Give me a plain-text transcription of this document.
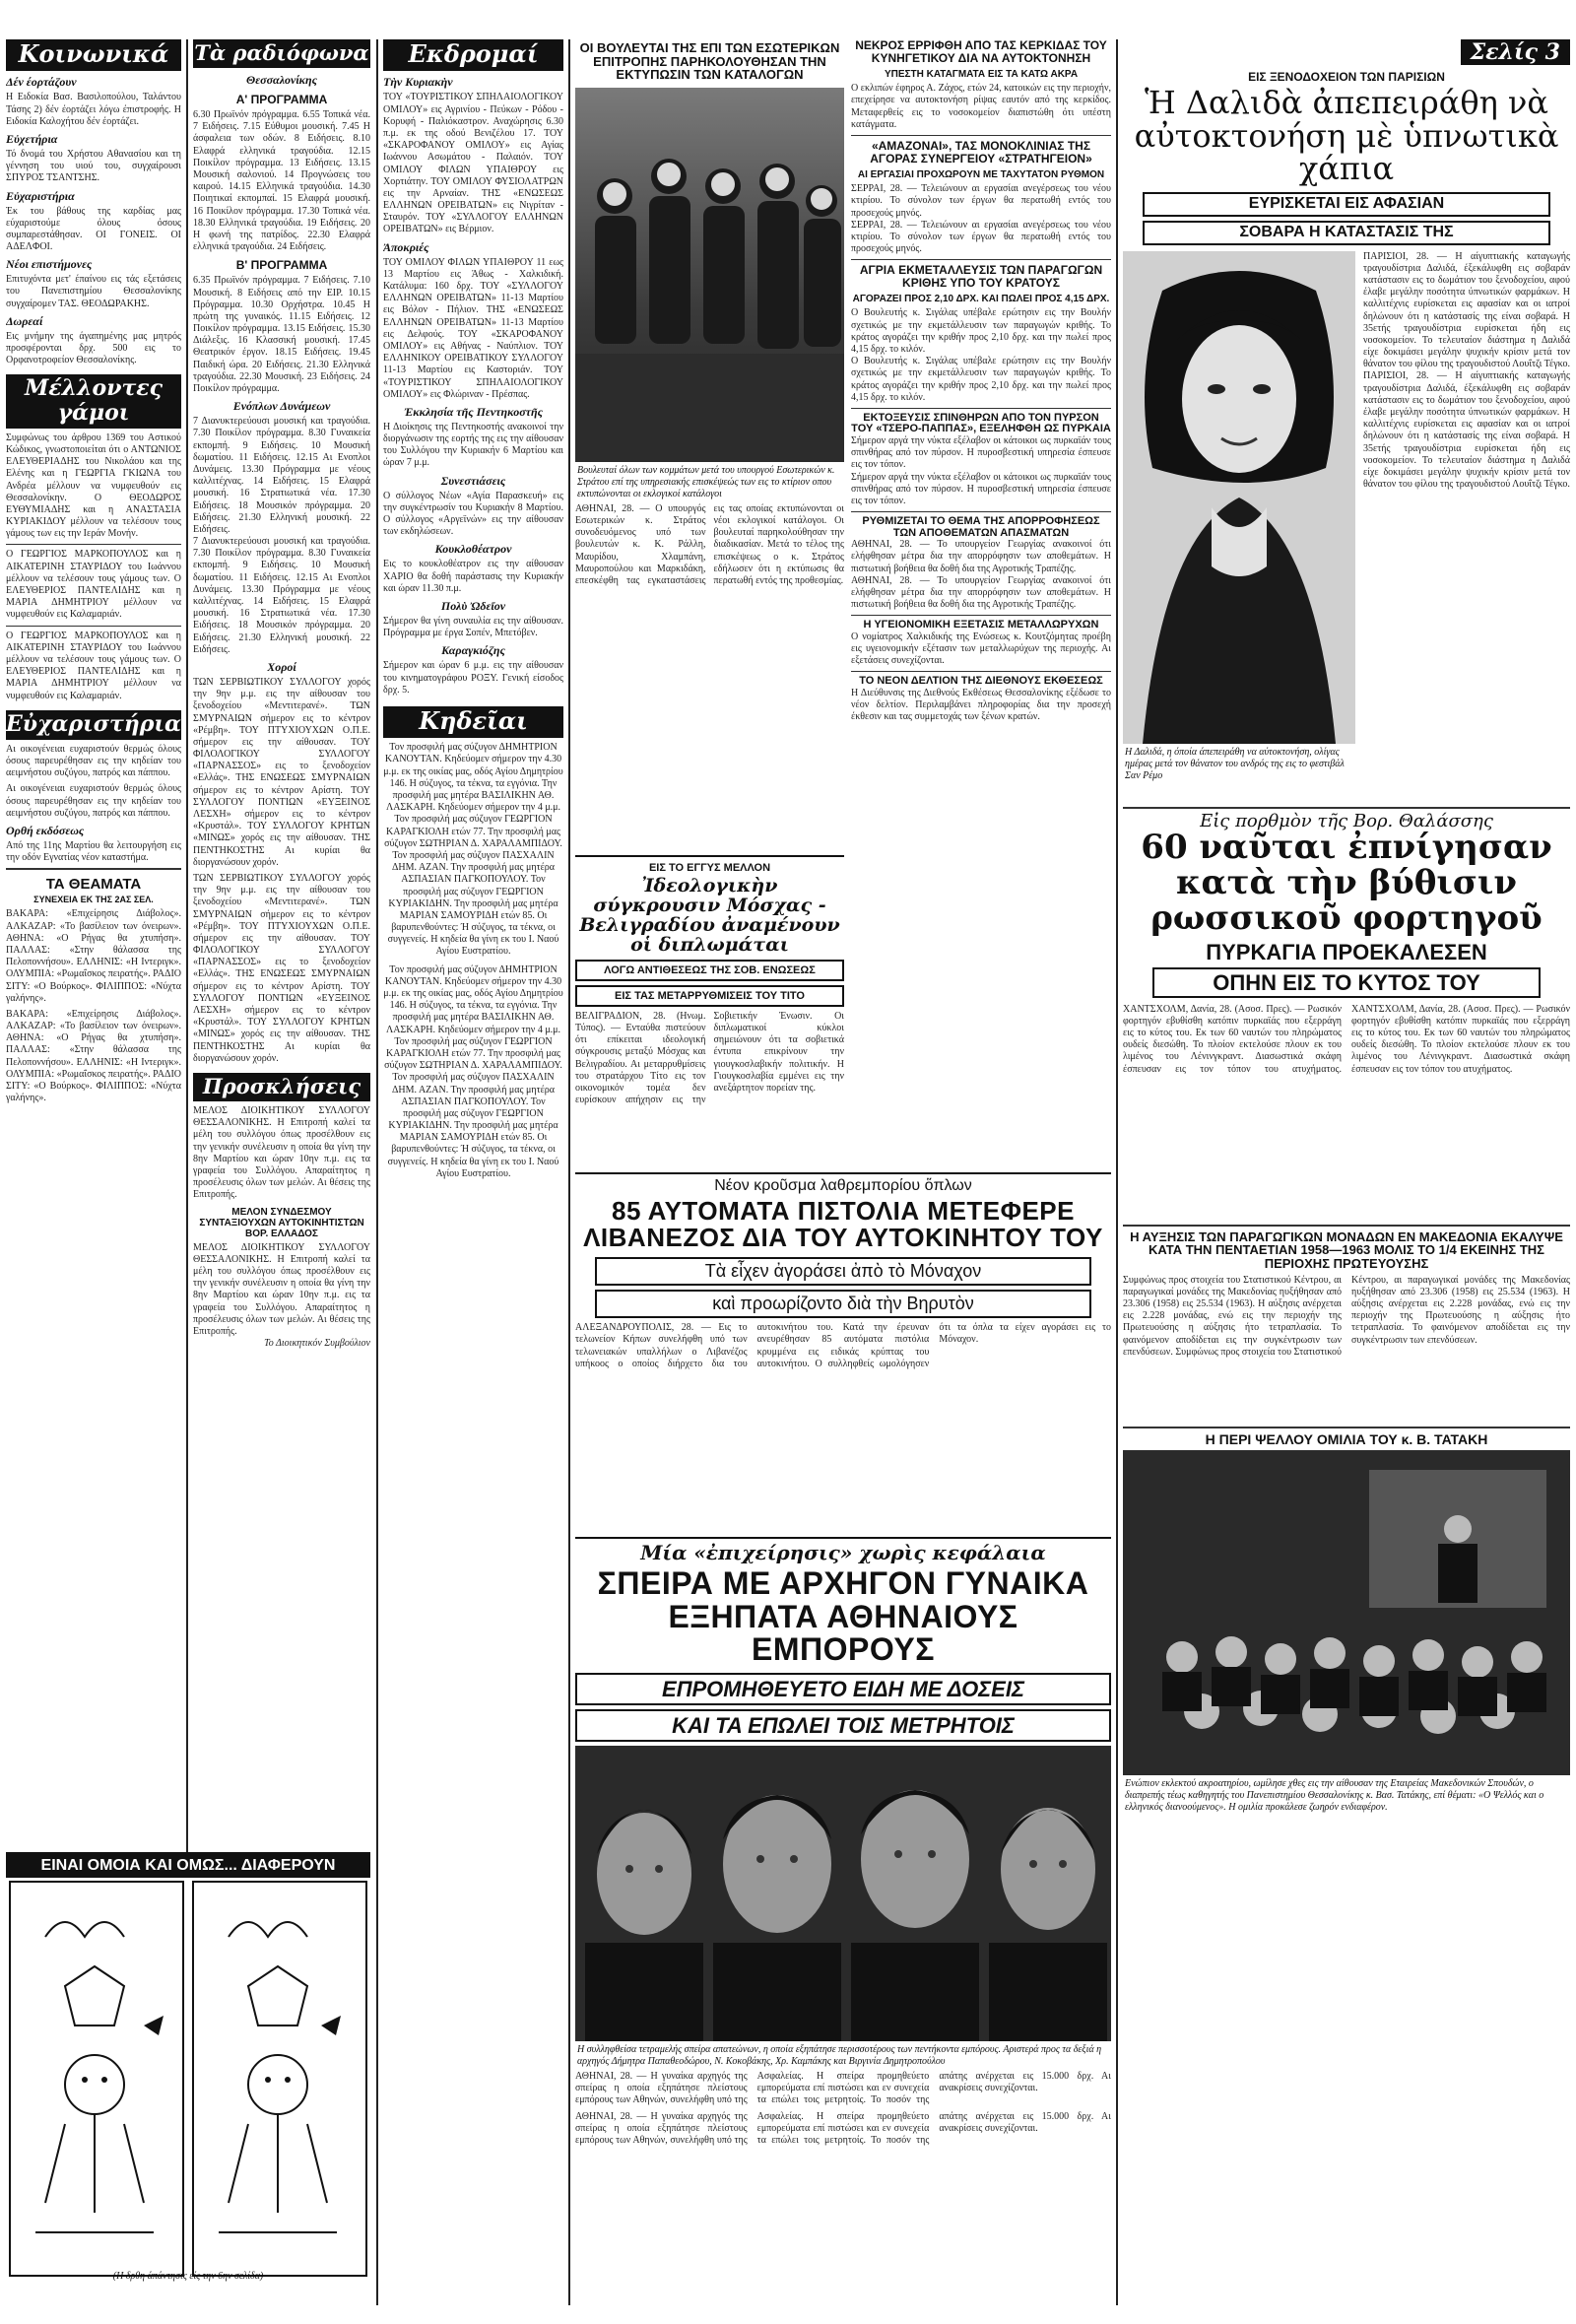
Κοινωνικά
Δέν έορτάζουν
Η Ειδοκία Βασ. Βασιλοπούλου, Ταλάντου Τάσης 2) δέν έορτάζει λόγω έπιστροφής. Η Ειδοκία Καλοχήτου δέν έορτάζει.
Εὐχετήρια
Τό δνομά του Χρήστου Αθανασίου και τη γέννηση του υιού του, συγχαίρουσι ΣΠΥΡΟΣ ΤΣΑΝΤΣΗΣ.
Εὐχαριστήρια
Έκ του βάθους της καρδίας μας εύχαριστούμε όλους όσους συμπαρεστάθησαν. ΟΙ ΓΟΝΕΙΣ. ΟΙ ΑΔΕΛΦΟΙ.
Νέοι επιστήμονες
Επιτυχόντα μετ' έπαίνου εις τάς εξετάσεις του Πανεπιστημίου Θεσσαλονίκης συγχαίρομεν ΤΑΣ. ΘΕΟΔΩΡΑΚΗΣ.
Δωρεαί
Εις μνήμην της άγαπημένης μας μητρός προσφέρονται δρχ. 500 εις το Ορφανοτροφείον Θεσσαλονίκης.
Μέλλοντες γάμοι
Συμφώνως του άρθρου 1369 του Αστικού Κώδικος, γνωστοποιείται ότι ο ΑΝΤΩΝΙΟΣ ΕΛΕΥΘΕΡΙΑΔΗΣ του Νικολάου και της Ελένης και η ΓΕΩΡΓΙΑ ΓΚΙΩΝΑ του Ανδρέα μέλλουν να νυμφευθούν εις Θεσσαλονίκην. Ο ΘΕΟΔΩΡΟΣ ΕΥΘΥΜΙΑΔΗΣ και η ΑΝΑΣΤΑΣΙΑ ΚΥΡΙΑΚΙΔΟΥ μέλλουν να τελέσουν τους γάμους των εις την Ιεράν Μονήν.
Ο ΓΕΩΡΓΙΟΣ ΜΑΡΚΟΠΟΥΛΟΣ και η ΑΙΚΑΤΕΡΙΝΗ ΣΤΑΥΡΙΔΟΥ του Ιωάννου μέλλουν να τελέσουν τους γάμους των. Ο ΕΛΕΥΘΕΡΙΟΣ ΠΑΝΤΕΛΙΔΗΣ και η ΜΑΡΙΑ ΔΗΜΗΤΡΙΟΥ μέλλουν να νυμφευθούν εις Καλαμαριάν.
Ο ΓΕΩΡΓΙΟΣ ΜΑΡΚΟΠΟΥΛΟΣ και η ΑΙΚΑΤΕΡΙΝΗ ΣΤΑΥΡΙΔΟΥ του Ιωάννου μέλλουν να τελέσουν τους γάμους των. Ο ΕΛΕΥΘΕΡΙΟΣ ΠΑΝΤΕΛΙΔΗΣ και η ΜΑΡΙΑ ΔΗΜΗΤΡΙΟΥ μέλλουν να νυμφευθούν εις Καλαμαριάν.
Εὐχαριστήρια
Αι οικογένειαι ευχαριστούν θερμώς όλους όσους παρευρέθησαν εις την κηδείαν του αειμνήστου συζύγου, πατρός και πάππου.
Αι οικογένειαι ευχαριστούν θερμώς όλους όσους παρευρέθησαν εις την κηδείαν του αειμνήστου συζύγου, πατρός και πάππου.
Ορθή εκδόσεως
Από της 11ης Μαρτίου θα λειτουργήση εις την οδόν Εγνατίας νέον καταστήμα.
ΤΑ ΘΕΑΜΑΤΑ
ΣΥΝΕΧΕΙΑ ΕΚ ΤΗΣ 2ΑΣ ΣΕΛ.
ΒΑΚΑΡΑ: «Επιχείρησις Διάβολος». ΑΛΚΑΖΑΡ: «Το βασίλειον των όνειρων». ΑΘΗΝΑ: «Ο Ρήγας θα χτυπήση». ΠΑΛΛΑΣ: «Στην θάλασσα της Πελοποννήσου». ΕΛΛΗΝΙΣ: «Η Ιντεριγκ». ΟΛΥΜΠΙΑ: «Ρωμαΐσκος πειρατής». ΡΑΔΙΟ ΣΙΤΥ: «Ο Βούρκος». ΦΙΛΙΠΠΟΣ: «Νύχτα γαλήνης».
ΒΑΚΑΡΑ: «Επιχείρησις Διάβολος». ΑΛΚΑΖΑΡ: «Το βασίλειον των όνειρων». ΑΘΗΝΑ: «Ο Ρήγας θα χτυπήση». ΠΑΛΛΑΣ: «Στην θάλασσα της Πελοποννήσου». ΕΛΛΗΝΙΣ: «Η Ιντεριγκ». ΟΛΥΜΠΙΑ: «Ρωμαΐσκος πειρατής». ΡΑΔΙΟ ΣΙΤΥ: «Ο Βούρκος». ΦΙΛΙΠΠΟΣ: «Νύχτα γαλήνης».
ΕΙΝΑΙ ΟΜΟΙΑ ΚΑΙ ΟΜΩΣ... ΔΙΑΦΕΡΟΥΝ
(Η δρθη άπάντησις είς την 6ην σελίδα)
Τὰ ραδιόφωνα
Θεσσαλονίκης
Α' ΠΡΟΓΡΑΜΜΑ
6.30 Πρωϊνόν πρόγραμμα. 6.55 Τοπικά νέα. 7 Ειδήσεις. 7.15 Εύθυμοι μουσική. 7.45 Η άσφαλεια των οδών. 8 Ειδήσεις. 8.10 Ελαφρά ελληνικά τραγούδια. 12.15 Ποικίλον πρόγραμμα. 13 Ειδήσεις. 13.15 Μουσική σαλονιού. 14 Προγνώσεις του καιρού. 14.15 Ελληνικά τραγούδια. 14.30 Ποιητικαί εκπομπαί. 15 Ελαφρά μουσική. 16 Ποικίλον πρόγραμμα. 17.30 Τοπικά νέα. 18.30 Ελληνικά τραγούδια. 19 Ειδήσεις. 20 Η φωνή της πατρίδος. 22.30 Ελαφρά ελληνικά τραγούδια. 24 Ειδήσεις.
Β' ΠΡΟΓΡΑΜΜΑ
6.35 Πρωϊνόν πρόγραμμα. 7 Ειδήσεις. 7.10 Μουσική. 8 Ειδήσεις από την ΕΙΡ. 10.15 Πρόγραμμα. 10.30 Ορχήστρα. 10.45 Η πρώτη της γυναικός. 11.15 Ειδήσεις. 12 Ποικίλον πρόγραμμα. 13.15 Ειδήσεις. 15.30 Διάλεξις. 16 Κλασσική μουσική. 17.45 Θεατρικόν έργον. 18.15 Ειδήσεις. 19.45 Παιδική ώρα. 20 Ειδήσεις. 21.30 Ελληνικά τραγούδια. 22.30 Μουσική. 23 Ειδήσεις. 24 Ποικίλον πρόγραμμα.
Ενόπλων Δυνάμεων
7 Διανυκτερεύουσι μουσική και τραγούδια. 7.30 Ποικίλον πρόγραμμα. 8.30 Γυναικεία εκπομπή. 9 Ειδήσεις. 10 Μουσική δωματίου. 11 Ειδήσεις. 12.15 Αι Ενοπλοι Δυνάμεις. 13.30 Πρόγραμμα με νέους καλλιτέχνας. 14 Ειδήσεις. 15 Ελαφρά μουσική. 16 Στρατιωτικά νέα. 17.30 Ειδήσεις. 18 Μουσικόν πρόγραμμα. 20 Ειδήσεις. 21.30 Ελληνική μουσική. 22 Ειδήσεις.
7 Διανυκτερεύουσι μουσική και τραγούδια. 7.30 Ποικίλον πρόγραμμα. 8.30 Γυναικεία εκπομπή. 9 Ειδήσεις. 10 Μουσική δωματίου. 11 Ειδήσεις. 12.15 Αι Ενοπλοι Δυνάμεις. 13.30 Πρόγραμμα με νέους καλλιτέχνας. 14 Ειδήσεις. 15 Ελαφρά μουσική. 16 Στρατιωτικά νέα. 17.30 Ειδήσεις. 18 Μουσικόν πρόγραμμα. 20 Ειδήσεις. 21.30 Ελληνική μουσική. 22 Ειδήσεις.
Χοροί
ΤΩΝ ΣΕΡΒΙΩΤΙΚΟΥ ΣΥΛΛΟΓΟΥ χορός την 9ην μ.μ. εις την αίθουσαν του ξενοδοχείου «Μεντιτερανέ». ΤΩΝ ΣΜΥΡΝΑΙΩΝ σήμερον εις το κέντρον «Ρέμβη». ΤΟΥ ΠΤΥΧΙΟΥΧΩΝ Ο.Π.Ε. σήμερον εις την αίθουσαν. ΤΟΥ ΦΙΛΟΛΟΓΙΚΟΥ ΣΥΛΛΟΓΟΥ «ΠΑΡΝΑΣΣΟΣ» εις το ξενοδοχείον «Ελλάς». ΤΗΣ ΕΝΩΣΕΩΣ ΣΜΥΡΝΑΙΩΝ σήμερον εις το κέντρον Αρίστη. ΤΟΥ ΣΥΛΛΟΓΟΥ ΠΟΝΤΙΩΝ «ΕΥΞΕΙΝΟΣ ΛΕΣΧΗ» σήμερον εις το κέντρον «Κρυστάλ». ΤΟΥ ΣΥΛΛΟΓΟΥ ΚΡΗΤΩΝ «ΜΙΝΩΣ» χορός εις την αίθουσαν. ΤΗΣ ΠΕΝΤΗΚΟΣΤΗΣ Αι κυρίαι θα διοργανώσουν χορόν.
ΤΩΝ ΣΕΡΒΙΩΤΙΚΟΥ ΣΥΛΛΟΓΟΥ χορός την 9ην μ.μ. εις την αίθουσαν του ξενοδοχείου «Μεντιτερανέ». ΤΩΝ ΣΜΥΡΝΑΙΩΝ σήμερον εις το κέντρον «Ρέμβη». ΤΟΥ ΠΤΥΧΙΟΥΧΩΝ Ο.Π.Ε. σήμερον εις την αίθουσαν. ΤΟΥ ΦΙΛΟΛΟΓΙΚΟΥ ΣΥΛΛΟΓΟΥ «ΠΑΡΝΑΣΣΟΣ» εις το ξενοδοχείον «Ελλάς». ΤΗΣ ΕΝΩΣΕΩΣ ΣΜΥΡΝΑΙΩΝ σήμερον εις το κέντρον Αρίστη. ΤΟΥ ΣΥΛΛΟΓΟΥ ΠΟΝΤΙΩΝ «ΕΥΞΕΙΝΟΣ ΛΕΣΧΗ» σήμερον εις το κέντρον «Κρυστάλ». ΤΟΥ ΣΥΛΛΟΓΟΥ ΚΡΗΤΩΝ «ΜΙΝΩΣ» χορός εις την αίθουσαν. ΤΗΣ ΠΕΝΤΗΚΟΣΤΗΣ Αι κυρίαι θα διοργανώσουν χορόν.
Προσκλήσεις
ΜΕΛΟΣ ΔΙΟΙΚΗΤΙΚΟΥ ΣΥΛΛΟΓΟΥ ΘΕΣΣΑΛΟΝΙΚΗΣ. Η Επιτροπή καλεί τα μέλη του συλλόγου όπως προσέλθουν εις την γενικήν συνέλευσιν η οποία θα γίνη την 8ην Μαρτίου και ώραν 10ην π.μ. εις τα γραφεία του Συλλόγου. Απαραίτητος η προσέλευσις όλων των μελών. Αι θέσεις της Επιτροπής.
ΜΕΛΟΝ ΣΥΝΔΕΣΜΟΥ ΣΥΝΤΑΞΙΟΥΧΩΝ ΑΥΤΟΚΙΝΗΤΙΣΤΩΝ ΒΟΡ. ΕΛΛΑΔΟΣ
ΜΕΛΟΣ ΔΙΟΙΚΗΤΙΚΟΥ ΣΥΛΛΟΓΟΥ ΘΕΣΣΑΛΟΝΙΚΗΣ. Η Επιτροπή καλεί τα μέλη του συλλόγου όπως προσέλθουν εις την γενικήν συνέλευσιν η οποία θα γίνη την 8ην Μαρτίου και ώραν 10ην π.μ. εις τα γραφεία του Συλλόγου. Απαραίτητος η προσέλευσις όλων των μελών. Αι θέσεις της Επιτροπής.
Το Διοικητικόν Συμβούλιον
Εκδρομαί
Τὴν Κυριακὴν
ΤΟΥ «ΤΟΥΡΙΣΤΙΚΟΥ ΣΠΗΛΑΙΟΛΟΓΙΚΟΥ ΟΜΙΛΟΥ» εις Αγρινίου - Πεύκων - Ρόδου - Κορυφή - Παλιόκαστρον. Αναχώρησις 6.30 π.μ. εκ της οδού Βενιζέλου 17. ΤΟΥ «ΣΚΑΡΟΦΑΝΟΥ ΟΜΙΛΟΥ» εις Αγίας Ιωάννου Ασωμάτου - Παλαιόν. ΤΟΥ ΟΜΙΛΟΥ ΦΙΛΩΝ ΥΠΑΙΘΡΟΥ εις Χορτιάτην. ΤΟΥ ΟΜΙΛΟΥ ΦΥΣΙΟΛΑΤΡΩΝ εις την Αρναίαν. ΤΗΣ «ΕΝΩΣΕΩΣ ΕΛΛΗΝΩΝ ΟΡΕΙΒΑΤΩΝ» εις Νιγρίταν - Σταυρόν. ΤΟΥ «ΣΥΛΛΟΓΟΥ ΕΛΛΗΝΩΝ ΟΡΕΙΒΑΤΩΝ» εις Βέρμιον.
Ἀποκριές
ΤΟΥ ΟΜΙΛΟΥ ΦΙΛΩΝ ΥΠΑΙΘΡΟΥ 11 εως 13 Μαρτίου εις Άθως - Χαλκιδική. Κατάλυμα: 160 δρχ. ΤΟΥ «ΣΥΛΛΟΓΟΥ ΕΛΛΗΝΩΝ ΟΡΕΙΒΑΤΩΝ» 11-13 Μαρτίου εις Βόλον - Πήλιον. ΤΗΣ «ΕΝΩΣΕΩΣ ΕΛΛΗΝΩΝ ΟΡΕΙΒΑΤΩΝ» 11-13 Μαρτίου εις Δελφούς. ΤΟΥ «ΣΚΑΡΟΦΑΝΟΥ ΟΜΙΛΟΥ» εις Αθήνας - Ναύπλιον. ΤΟΥ ΕΛΛΗΝΙΚΟΥ ΟΡΕΙΒΑΤΙΚΟΥ ΣΥΛΛΟΓΟΥ 11-13 Μαρτίου εις Καστοριάν. ΤΟΥ «ΤΟΥΡΙΣΤΙΚΟΥ ΣΠΗΛΑΙΟΛΟΓΙΚΟΥ ΟΜΙΛΟΥ» εις Φλώριναν - Πρέσπας.
Ἐκκλησία τῆς Πεντηκοστῆς
Η Διοίκησις της Πεντηκοστής ανακοινοί την διοργάνωσιν της εορτής της εις την αίθουσαν του Συλλόγου την Κυριακήν 6 Μαρτίου και ώραν 7 μ.μ.
Συνεστιάσεις
Ο σύλλογος Νέων «Αγία Παρασκευή» εις την συγκέντρωσίν του Κυριακήν 8 Μαρτίου. Ο σύλλογος «Αργεϊνών» εις την αίθουσαν των εκδηλώσεων.
Κουκλοθέατρον
Εις το κουκλοθέατρον εις την αίθουσαν ΧΑΡΙΟ θα δοθή παράστασις την Κυριακήν και ώραν 11.30 π.μ.
Πολὺ Ὠδεῖον
Σήμερον θα γίνη συναυλία εις την αίθουσαν. Πρόγραμμα με έργα Σοπέν, Μπετόβεν.
Καραγκιόζης
Σήμερον και ώραν 6 μ.μ. εις την αίθουσαν του κινηματογράφου ΡΟΞΥ. Γενική είσοδος δρχ. 5.
Κηδεῖαι
Τον προσφιλή μας σύζυγον ΔΗΜΗΤΡΙΟΝ ΚΑΝΟΥΤΑΝ. Κηδεύομεν σήμερον την 4.30 μ.μ. εκ της οικίας μας, οδός Αγίου Δημητρίου 146. Η σύζυγος, τα τέκνα, τα εγγόνια. Την προσφιλή μας μητέρα ΒΑΣΙΛΙΚΗΝ ΑΘ. ΛΑΣΚΑΡΗ. Κηδεύομεν σήμερον την 4 μ.μ. Τον προσφιλή μας σύζυγον ΓΕΩΡΓΙΟΝ ΚΑΡΑΓΚΙΟΛΗ ετών 77. Την προσφιλή μας σύζυγον ΣΩΤΗΡΙΑΝ Δ. ΧΑΡΑΛΑΜΠΙΔΟΥ. Τον προσφιλή μας σύζυγον ΠΑΣΧΑΛΙΝ ΔΗΜ. ΑΖΑΝ. Την προσφιλή μας μητέρα ΑΣΠΑΣΙΑΝ ΠΑΓΚΟΠΟΥΛΟΥ. Τον προσφιλή μας σύζυγον ΓΕΩΡΓΙΟΝ ΚΥΡΙΑΚΙΔΗΝ. Την προσφιλή μας μητέρα ΜΑΡΙΑΝ ΣΑΜΟΥΡΙΔΗ ετών 85. Οι βαρυπενθούντες: Ή σύζυγος, τα τέκνα, οι συγγενείς. Η κηδεία θα γίνη εκ του Ι. Ναού Αγίου Ευστρατίου.
Τον προσφιλή μας σύζυγον ΔΗΜΗΤΡΙΟΝ ΚΑΝΟΥΤΑΝ. Κηδεύομεν σήμερον την 4.30 μ.μ. εκ της οικίας μας, οδός Αγίου Δημητρίου 146. Η σύζυγος, τα τέκνα, τα εγγόνια. Την προσφιλή μας μητέρα ΒΑΣΙΛΙΚΗΝ ΑΘ. ΛΑΣΚΑΡΗ. Κηδεύομεν σήμερον την 4 μ.μ. Τον προσφιλή μας σύζυγον ΓΕΩΡΓΙΟΝ ΚΑΡΑΓΚΙΟΛΗ ετών 77. Την προσφιλή μας σύζυγον ΣΩΤΗΡΙΑΝ Δ. ΧΑΡΑΛΑΜΠΙΔΟΥ. Τον προσφιλή μας σύζυγον ΠΑΣΧΑΛΙΝ ΔΗΜ. ΑΖΑΝ. Την προσφιλή μας μητέρα ΑΣΠΑΣΙΑΝ ΠΑΓΚΟΠΟΥΛΟΥ. Τον προσφιλή μας σύζυγον ΓΕΩΡΓΙΟΝ ΚΥΡΙΑΚΙΔΗΝ. Την προσφιλή μας μητέρα ΜΑΡΙΑΝ ΣΑΜΟΥΡΙΔΗ ετών 85. Οι βαρυπενθούντες: Ή σύζυγος, τα τέκνα, οι συγγενείς. Η κηδεία θα γίνη εκ του Ι. Ναού Αγίου Ευστρατίου.
ΟΙ ΒΟΥΛΕΥΤΑΙ ΤΗΣ ΕΠΙ ΤΩΝ ΕΣΩΤΕΡΙΚΩΝ ΕΠΙΤΡΟΠΗΣ ΠΑΡΗΚΟΛΟΥΘΗΣΑΝ ΤΗΝ ΕΚΤΥΠΩΣΙΝ ΤΩΝ ΚΑΤΑΛΟΓΩΝ
Βουλευταί όλων των κομμάτων μετά του υπουργού Εσωτερικών κ. Στράτου επί της υπηρεσιακής επισκέψεώς των εις το κτίριον οπου εκτυπώνονται οι εκλογικοί κατάλογοι
ΑΘΗΝΑΙ, 28. — Ο υπουργός Εσωτερικών κ. Στράτος συνοδευόμενος υπό των βουλευτών κ. Κ. Ράλλη, Μαυρίδου, Χλαμπάνη, Μαυροπούλου και Μαρκιδάκη, επεσκέφθη τας εγκαταστάσεις εις τας οποίας εκτυπώνονται οι νέοι εκλογικοί κατάλογοι. Οι βουλευταί παρηκολούθησαν την διαδικασίαν. Μετά το τέλος της επισκέψεως ο κ. Στράτος εδήλωσεν ότι η εκτύπωσις θα περατωθή εντός της προθεσμίας.
ΝΕΚΡΟΣ ΕΡΡΙΦΘΗ ΑΠΟ ΤΑΣ ΚΕΡΚΙΔΑΣ ΤΟΥ ΚΥΝΗΓΕΤΙΚΟΥ ΔΙΑ ΝΑ ΑΥΤΟΚΤΟΝΗΣΗ
ΥΠΕΣΤΗ ΚΑΤΑΓΜΑΤΑ ΕΙΣ ΤΑ ΚΑΤΩ ΑΚΡΑ
Ο εκλιπών έφηρος Α. Ζάχος, ετών 24, κατοικών εις την περιοχήν, επεχείρησε να αυτοκτονήση ρίψας εαυτόν από της κερκίδος. Μεταφερθείς εις το νοσοκομείον διαπιστώθη ότι υπέστη κατάγματα.
«ΑΜΑΖΟΝΑΙ», ΤΑΣ ΜΟΝΟΚΛΙΝΙΑΣ ΤΗΣ ΑΓΟΡΑΣ ΣΥΝΕΡΓΕΙΟΥ «ΣΤΡΑΤΗΓΕΙΟΝ»
ΑΙ ΕΡΓΑΣΙΑΙ ΠΡΟΧΩΡΟΥΝ ΜΕ ΤΑΧΥΤΑΤΟΝ ΡΥΘΜΟΝ
ΣΕΡΡΑΙ, 28. — Τελειώνουν αι εργασίαι ανεγέρσεως του νέου κτιρίου. Το σύνολον των έργων θα περατωθή εντός του προσεχούς μηνός.
ΣΕΡΡΑΙ, 28. — Τελειώνουν αι εργασίαι ανεγέρσεως του νέου κτιρίου. Το σύνολον των έργων θα περατωθή εντός του προσεχούς μηνός.
ΑΓΡΙΑ ΕΚΜΕΤΑΛΛΕΥΣΙΣ ΤΩΝ ΠΑΡΑΓΩΓΩΝ ΚΡΙΘΗΣ ΥΠΟ ΤΟΥ ΚΡΑΤΟΥΣ
ΑΓΟΡΑΖΕΙ ΠΡΟΣ 2,10 ΔΡΧ. ΚΑΙ ΠΩΛΕΙ ΠΡΟΣ 4,15 ΔΡΧ.
Ο Βουλευτής κ. Σιγάλας υπέβαλε ερώτησιν εις την Βουλήν σχετικώς με την εκμετάλλευσιν των παραγωγών κριθής. Το κράτος αγοράζει την κριθήν προς 2,10 δρχ. και την πωλεί προς 4,15 δρχ. το κιλόν.
Ο Βουλευτής κ. Σιγάλας υπέβαλε ερώτησιν εις την Βουλήν σχετικώς με την εκμετάλλευσιν των παραγωγών κριθής. Το κράτος αγοράζει την κριθήν προς 2,10 δρχ. και την πωλεί προς 4,15 δρχ. το κιλόν.
ΕΚΤΟΞΕΥΣΙΣ ΣΠΙΝΘΗΡΩΝ ΑΠΟ ΤΟΝ ΠΥΡΣΟΝ ΤΟΥ «ΤΣΕΡΟ-ΠΑΠΠΑΣ», ΕΞΕΛΗΦΘΗ ΩΣ ΠΥΡΚΑΙΑ
Σήμερον αργά την νύκτα εξέλαβον οι κάτοικοι ως πυρκαϊάν τους σπινθήρας από τον πύρσον. Η πυροσβεστική υπηρεσία έσπευσε εις τον τόπον.
Σήμερον αργά την νύκτα εξέλαβον οι κάτοικοι ως πυρκαϊάν τους σπινθήρας από τον πύρσον. Η πυροσβεστική υπηρεσία έσπευσε εις τον τόπον.
ΡΥΘΜΙΖΕΤΑΙ ΤΟ ΘΕΜΑ ΤΗΣ ΑΠΟΡΡΟΦΗΣΕΩΣ ΤΩΝ ΑΠΟΘΕΜΑΤΩΝ ΑΠΑΣΜΑΤΩΝ
ΑΘΗΝΑΙ, 28. — Το υπουργείον Γεωργίας ανακοινοί ότι ελήφθησαν μέτρα δια την απορρόφησιν των αποθεμάτων. Η πιστωτική βοήθεια θα δοθή δια της Αγροτικής Τραπέζης.
ΑΘΗΝΑΙ, 28. — Το υπουργείον Γεωργίας ανακοινοί ότι ελήφθησαν μέτρα δια την απορρόφησιν των αποθεμάτων. Η πιστωτική βοήθεια θα δοθή δια της Αγροτικής Τραπέζης.
Η ΥΓΕΙΟΝΟΜΙΚΗ ΕΞΕΤΑΣΙΣ ΜΕΤΑΛΛΩΡΥΧΩΝ
Ο νομίατρος Χαλκιδικής της Ενώσεως κ. Κουτζόμητας προέβη εις υγειονομικήν εξέτασιν των μεταλλωρύχων της περιοχής. Αι εξετάσεις συνεχίζονται.
ΤΟ ΝΕΟΝ ΔΕΛΤΙΟΝ ΤΗΣ ΔΙΕΘΝΟΥΣ ΕΚΘΕΣΕΩΣ
Η Διεύθυνσις της Διεθνούς Εκθέσεως Θεσσαλονίκης εξέδωσε το νέον δελτίον. Περιλαμβάνει πληροφορίας δια την προσεχή έκθεσιν και τας συμμετοχάς των ξένων κρατών.
ΕΙΣ ΤΟ ΕΓΓΥΣ ΜΕΛΛΟΝ
Ἰδεολογικὴν σύγκρουσιν Μόσχας - Βελιγραδίου ἀναμένουν οἱ διπλωμάται
ΛΟΓΩ ΑΝΤΙΘΕΣΕΩΣ ΤΗΣ ΣΟΒ. ΕΝΩΣΕΩΣ
ΕΙΣ ΤΑΣ ΜΕΤΑΡΡΥΘΜΙΣΕΙΣ ΤΟΥ ΤΙΤΟ
ΒΕΛΙΓΡΑΔΙΟΝ, 28. (Ηνωμ. Τύπος). — Ενταύθα πιστεύουν ότι επίκειται ιδεολογική σύγκρουσις μεταξύ Μόσχας και Βελιγραδίου. Αι μεταρρυθμίσεις του στρατάρχου Τίτο εις τον οικονομικόν τομέα δεν ευρίσκουν απήχησιν εις την Σοβιετικήν Ένωσιν. Οι διπλωματικοί κύκλοι σημειώνουν ότι τα σοβιετικά έντυπα επικρίνουν την γιουγκοσλαβικήν πολιτικήν. Η Γιουγκοσλαβία εμμένει εις την ανεξάρτητον πορείαν της.
Νέον κροῦσμα λαθρεμπορίου ὅπλων
85 ΑΥΤΟΜΑΤΑ ΠΙΣΤΟΛΙΑ ΜΕΤΕΦΕΡΕ ΛΙΒΑΝΕΖΟΣ ΔΙΑ ΤΟΥ ΑΥΤΟΚΙΝΗΤΟΥ ΤΟΥ
Τὰ εἶχεν ἀγοράσει ἀπὸ τὸ Μόναχον
καὶ προωρίζοντο διὰ τὴν Βηρυτὸν
ΑΛΕΞΑΝΔΡΟΥΠΟΛΙΣ, 28. — Εις το τελωνείον Κήπων συνελήφθη υπό των τελωνειακών υπαλλήλων ο Λιβανέζος υπήκοος ο οποίος διήρχετο δια του αυτοκινήτου του. Κατά την έρευναν ανευρέθησαν 85 αυτόματα πιστόλια κρυμμένα εις ειδικάς κρύπτας του αυτοκινήτου. Ο συλληφθείς ωμολόγησεν ότι τα όπλα τα είχεν αγοράσει εις το Μόναχον.
Μία «ἐπιχείρησις» χωρὶς κεφάλαια
ΣΠΕΙΡΑ ΜΕ ΑΡΧΗΓΟΝ ΓΥΝΑΙΚΑ ΕΞΗΠΑΤΑ ΑΘΗΝΑΙΟΥΣ ΕΜΠΟΡΟΥΣ
ΕΠΡΟΜΗΘΕΥΕΤΟ ΕΙΔΗ ΜΕ ΔΟΣΕΙΣ
ΚΑΙ ΤΑ ΕΠΩΛΕΙ ΤΟΙΣ ΜΕΤΡΗΤΟΙΣ
Η συλληφθείσα τετραμελής σπείρα απατεώνων, η οποία εξηπάτησε περισσοτέρους των πεντήκοντα εμπόρους. Αριστερά προς τα δεξιά η αρχηγός Δήμητρα Παπαθεοδώρου, Ν. Κοκοβάκης, Χρ. Καμπάκης και Βιργινία Δημητροπούλου
ΑΘΗΝΑΙ, 28. — Η γυναίκα αρχηγός της σπείρας η οποία εξηπάτησε πλείστους εμπόρους των Αθηνών, συνελήφθη υπό της Ασφαλείας. Η σπείρα προμηθεύετο εμπορεύματα επί πιστώσει και εν συνεχεία τα επώλει τοις μετρητοίς. Το ποσόν της απάτης ανέρχεται εις 15.000 δρχ. Αι ανακρίσεις συνεχίζονται.
ΑΘΗΝΑΙ, 28. — Η γυναίκα αρχηγός της σπείρας η οποία εξηπάτησε πλείστους εμπόρους των Αθηνών, συνελήφθη υπό της Ασφαλείας. Η σπείρα προμηθεύετο εμπορεύματα επί πιστώσει και εν συνεχεία τα επώλει τοις μετρητοίς. Το ποσόν της απάτης ανέρχεται εις 15.000 δρχ. Αι ανακρίσεις συνεχίζονται.
Σελίς 3
ΕΙΣ ΞΕΝΟΔΟΧΕΙΟΝ ΤΩΝ ΠΑΡΙΣΙΩΝ
Ἡ Δαλιδὰ ἀπεπειράθη νὰ αὐτοκτονήση μὲ ὑπνωτικὰ χάπια
ΕΥΡΙΣΚΕΤΑΙ ΕΙΣ ΑΦΑΣΙΑΝ
ΣΟΒΑΡΑ Η ΚΑΤΑΣΤΑΣΙΣ ΤΗΣ
Η Δαλιδά, η όποία άπεπειράθη να αύτοκτονήση, ολίγας ημέρας μετά τον θάνατον του ανδρός της εις το φεστιβάλ Σαν Ρέμο
ΠΑΡΙΣΙΟΙ, 28. — Η αίγυπτιακής καταγωγής τραγουδίστρια Δαλιδά, έξεκάλυφθη εις σοβαράν κατάστασιν εις το δωμάτιον του ξενοδοχείου, αφού έλαβε μεγάλην ποσότητα ύπνωτικών φαρμάκων. Η καλλιτέχνις ευρίσκεται εις αφασίαν και οι ιατροί δηλώνουν ότι η κατάστασίς της είναι σοβαρά. Η 35ετής τραγουδίστρια ευρίσκεται ήδη εις νοσοκομείον. Το τελευταίον διάστημα η Δαλιδά είχε δοκιμάσει μεγάλην ψυχικήν κρίσιν μετά τον θάνατον του φίλου της τραγουδιστού Λουΐτζι Τέγκο. ΠΑΡΙΣΙΟΙ, 28. — Η αίγυπτιακής καταγωγής τραγουδίστρια Δαλιδά, έξεκάλυφθη εις σοβαράν κατάστασιν εις το δωμάτιον του ξενοδοχείου, αφού έλαβε μεγάλην ποσότητα ύπνωτικών φαρμάκων. Η καλλιτέχνις ευρίσκεται εις αφασίαν και οι ιατροί δηλώνουν ότι η κατάστασίς της είναι σοβαρά. Η 35ετής τραγουδίστρια ευρίσκεται ήδη εις νοσοκομείον. Το τελευταίον διάστημα η Δαλιδά είχε δοκιμάσει μεγάλην ψυχικήν κρίσιν μετά τον θάνατον του φίλου της τραγουδιστού Λουΐτζι Τέγκο.
Εἰς πορθμὸν τῆς Βορ. Θαλάσσης
60 ναῦται ἐπνίγησαν κατὰ τὴν βύθισιν ρωσσικοῦ φορτηγοῦ
ΠΥΡΚΑΓΙΑ ΠΡΟΕΚΑΛΕΣΕΝ
ΟΠΗΝ ΕΙΣ ΤΟ ΚΥΤΟΣ ΤΟΥ
ΧΑΝΤΣΧΟΛΜ, Δανία, 28. (Ασοσ. Πρες). — Ρωσικόν φορτηγόν εβυθίσθη κατόπιν πυρκαϊάς που εξερράγη εις το κύτος του. Εκ των 60 ναυτών του πληρώματος ουδείς διεσώθη. Το πλοίον εκτελούσε πλουν εκ του λιμένος του Λένινγκραντ. Διασωστικά σκάφη έσπευσαν εις τον τόπον του ατυχήματος. ΧΑΝΤΣΧΟΛΜ, Δανία, 28. (Ασοσ. Πρες). — Ρωσικόν φορτηγόν εβυθίσθη κατόπιν πυρκαϊάς που εξερράγη εις το κύτος του. Εκ των 60 ναυτών του πληρώματος ουδείς διεσώθη. Το πλοίον εκτελούσε πλουν εκ του λιμένος του Λένινγκραντ. Διασωστικά σκάφη έσπευσαν εις τον τόπον του ατυχήματος.
Η ΑΥΞΗΣΙΣ ΤΩΝ ΠΑΡΑΓΩΓΙΚΩΝ ΜΟΝΑΔΩΝ ΕΝ ΜΑΚΕΔΟΝΙΑ ΕΚΑΛΥΨΕ ΚΑΤΑ ΤΗΝ ΠΕΝΤΑΕΤΙΑΝ 1958—1963 ΜΟΛΙΣ ΤΟ 1/4 ΕΚΕΙΝΗΣ ΤΗΣ ΠΕΡΙΟΧΗΣ ΠΡΩΤΕΥΟΥΣΗΣ
Συμφώνως προς στοιχεία του Στατιστικού Κέντρου, αι παραγωγικαί μονάδες της Μακεδονίας ηυξήθησαν από 23.306 (1958) εις 25.534 (1963). Η αύξησις ανέρχεται εις 2.228 μονάδας, ενώ εις την περιοχήν της Πρωτευούσης η αύξησις ήτο τετραπλασία. Το φαινόμενον αποδίδεται εις την συγκέντρωσιν των επενδύσεων. Συμφώνως προς στοιχεία του Στατιστικού Κέντρου, αι παραγωγικαί μονάδες της Μακεδονίας ηυξήθησαν από 23.306 (1958) εις 25.534 (1963). Η αύξησις ανέρχεται εις 2.228 μονάδας, ενώ εις την περιοχήν της Πρωτευούσης η αύξησις ήτο τετραπλασία. Το φαινόμενον αποδίδεται εις την συγκέντρωσιν των επενδύσεων.
Η ΠΕΡΙ ΨΕΛΛΟΥ ΟΜΙΛΙΑ ΤΟΥ κ. Β. ΤΑΤΑΚΗ
Ενώπιον εκλεκτού ακροατηρίου, ωμίλησε χθες εις την αίθουσαν της Εταιρείας Μακεδονικών Σπουδών, ο διαπρεπής τέως καθηγητής του Πανεπιστημίου Θεσσαλονίκης κ. Βασ. Τατάκης, επί θέματι: «Ο Ψελλός και ο ελληνικός διανοούμενος». Η ομιλία προκάλεσε ζωηρόν ενδιαφέρον.
